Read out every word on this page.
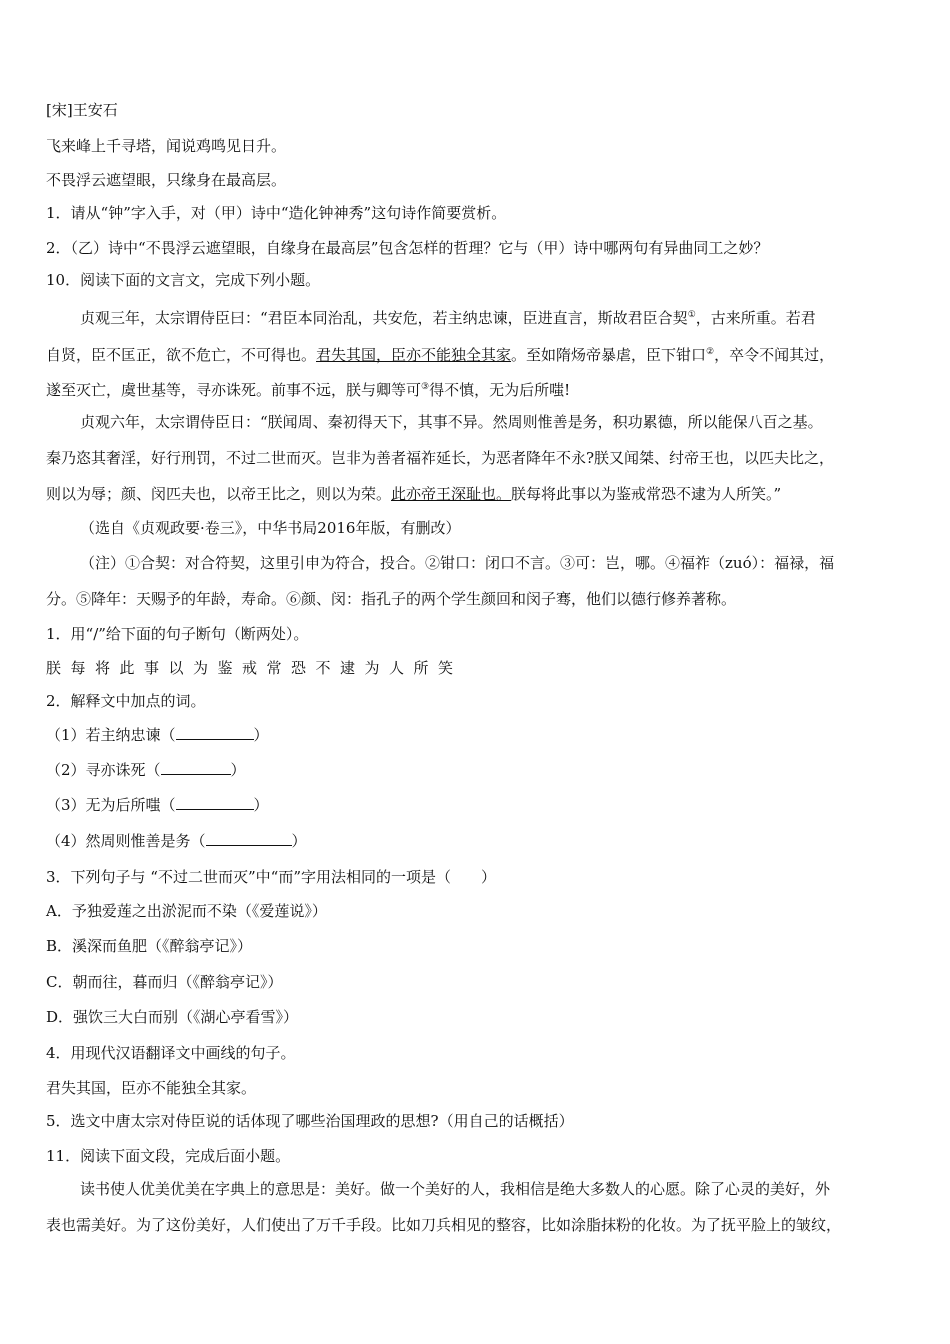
[宋]王安石
飞来峰上千寻塔，闻说鸡鸣见日升。
不畏浮云遮望眼，只缘身在最高层。
1．请从“钟”字入手，对（甲）诗中“造化钟神秀”这句诗作简要赏析。
2．（乙）诗中“不畏浮云遮望眼，自缘身在最高层”包含怎样的哲理？它与（甲）诗中哪两句有异曲同工之妙？
10．阅读下面的文言文，完成下列小题。
贞观三年，太宗谓侍臣曰：“君臣本同治乱，共安危，若主纳忠谏，臣进直言，斯故君臣合契①，古来所重。若君
自贤，臣不匡正，欲不危亡，不可得也。君失其国，臣亦不能独全其家。至如隋炀帝暴虐，臣下钳口②，卒令不闻其过，
遂至灭亡，虞世基等，寻亦诛死。前事不远，朕与卿等可③得不慎，无为后所嗤!
贞观六年，太宗谓侍臣日：“朕闻周、秦初得天下，其事不异。然周则惟善是务，积功累德，所以能保八百之基。
秦乃恣其奢淫，好行刑罚，不过二世而灭。岂非为善者福祚延长，为恶者降年不永?朕又闻桀、纣帝王也，以匹夫比之，
则以为辱；颜、闵匹夫也，以帝王比之，则以为荣。此亦帝王深耻也。朕每将此事以为鉴戒常恐不逮为人所笑。”
（选自《贞观政要·卷三》，中华书局2016年版，有删改）
（注）①合契：对合符契，这里引申为符合，投合。②钳口：闭口不言。③可：岂，哪。④福祚（zuó）：福禄，福
分。⑤降年：天赐予的年龄，寿命。⑥颜、闵：指孔子的两个学生颜回和闵子骞，他们以德行修养著称。
1．用“/”给下面的句子断句（断两处）。
朕每将此事以为鉴戒常恐不逮为人所笑
2．解释文中加点的词。
（1）若主纳忠谏（	）
（2）寻亦诛死（	）
（3）无为后所嗤（	）
（4）然周则惟善是务（	）
3．下列句子与 “不过二世而灭”中“而”字用法相同的一项是（　　）
A．予独爱莲之出淤泥而不染（《爱莲说》）
B．溪深而鱼肥（《醉翁亭记》）
C．朝而往，暮而归（《醉翁亭记》）
D．强饮三大白而别（《湖心亭看雪》）
4．用现代汉语翻译文中画线的句子。
君失其国，臣亦不能独全其家。
5．选文中唐太宗对侍臣说的话体现了哪些治国理政的思想?（用自己的话概括）
11．阅读下面文段，完成后面小题。
读书使人优美优美在字典上的意思是：美好。做一个美好的人，我相信是绝大多数人的心愿。除了心灵的美好，外
表也需美好。为了这份美好，人们使出了万千手段。比如刀兵相见的整容，比如涂脂抹粉的化妆。为了抚平脸上的皱纹，
